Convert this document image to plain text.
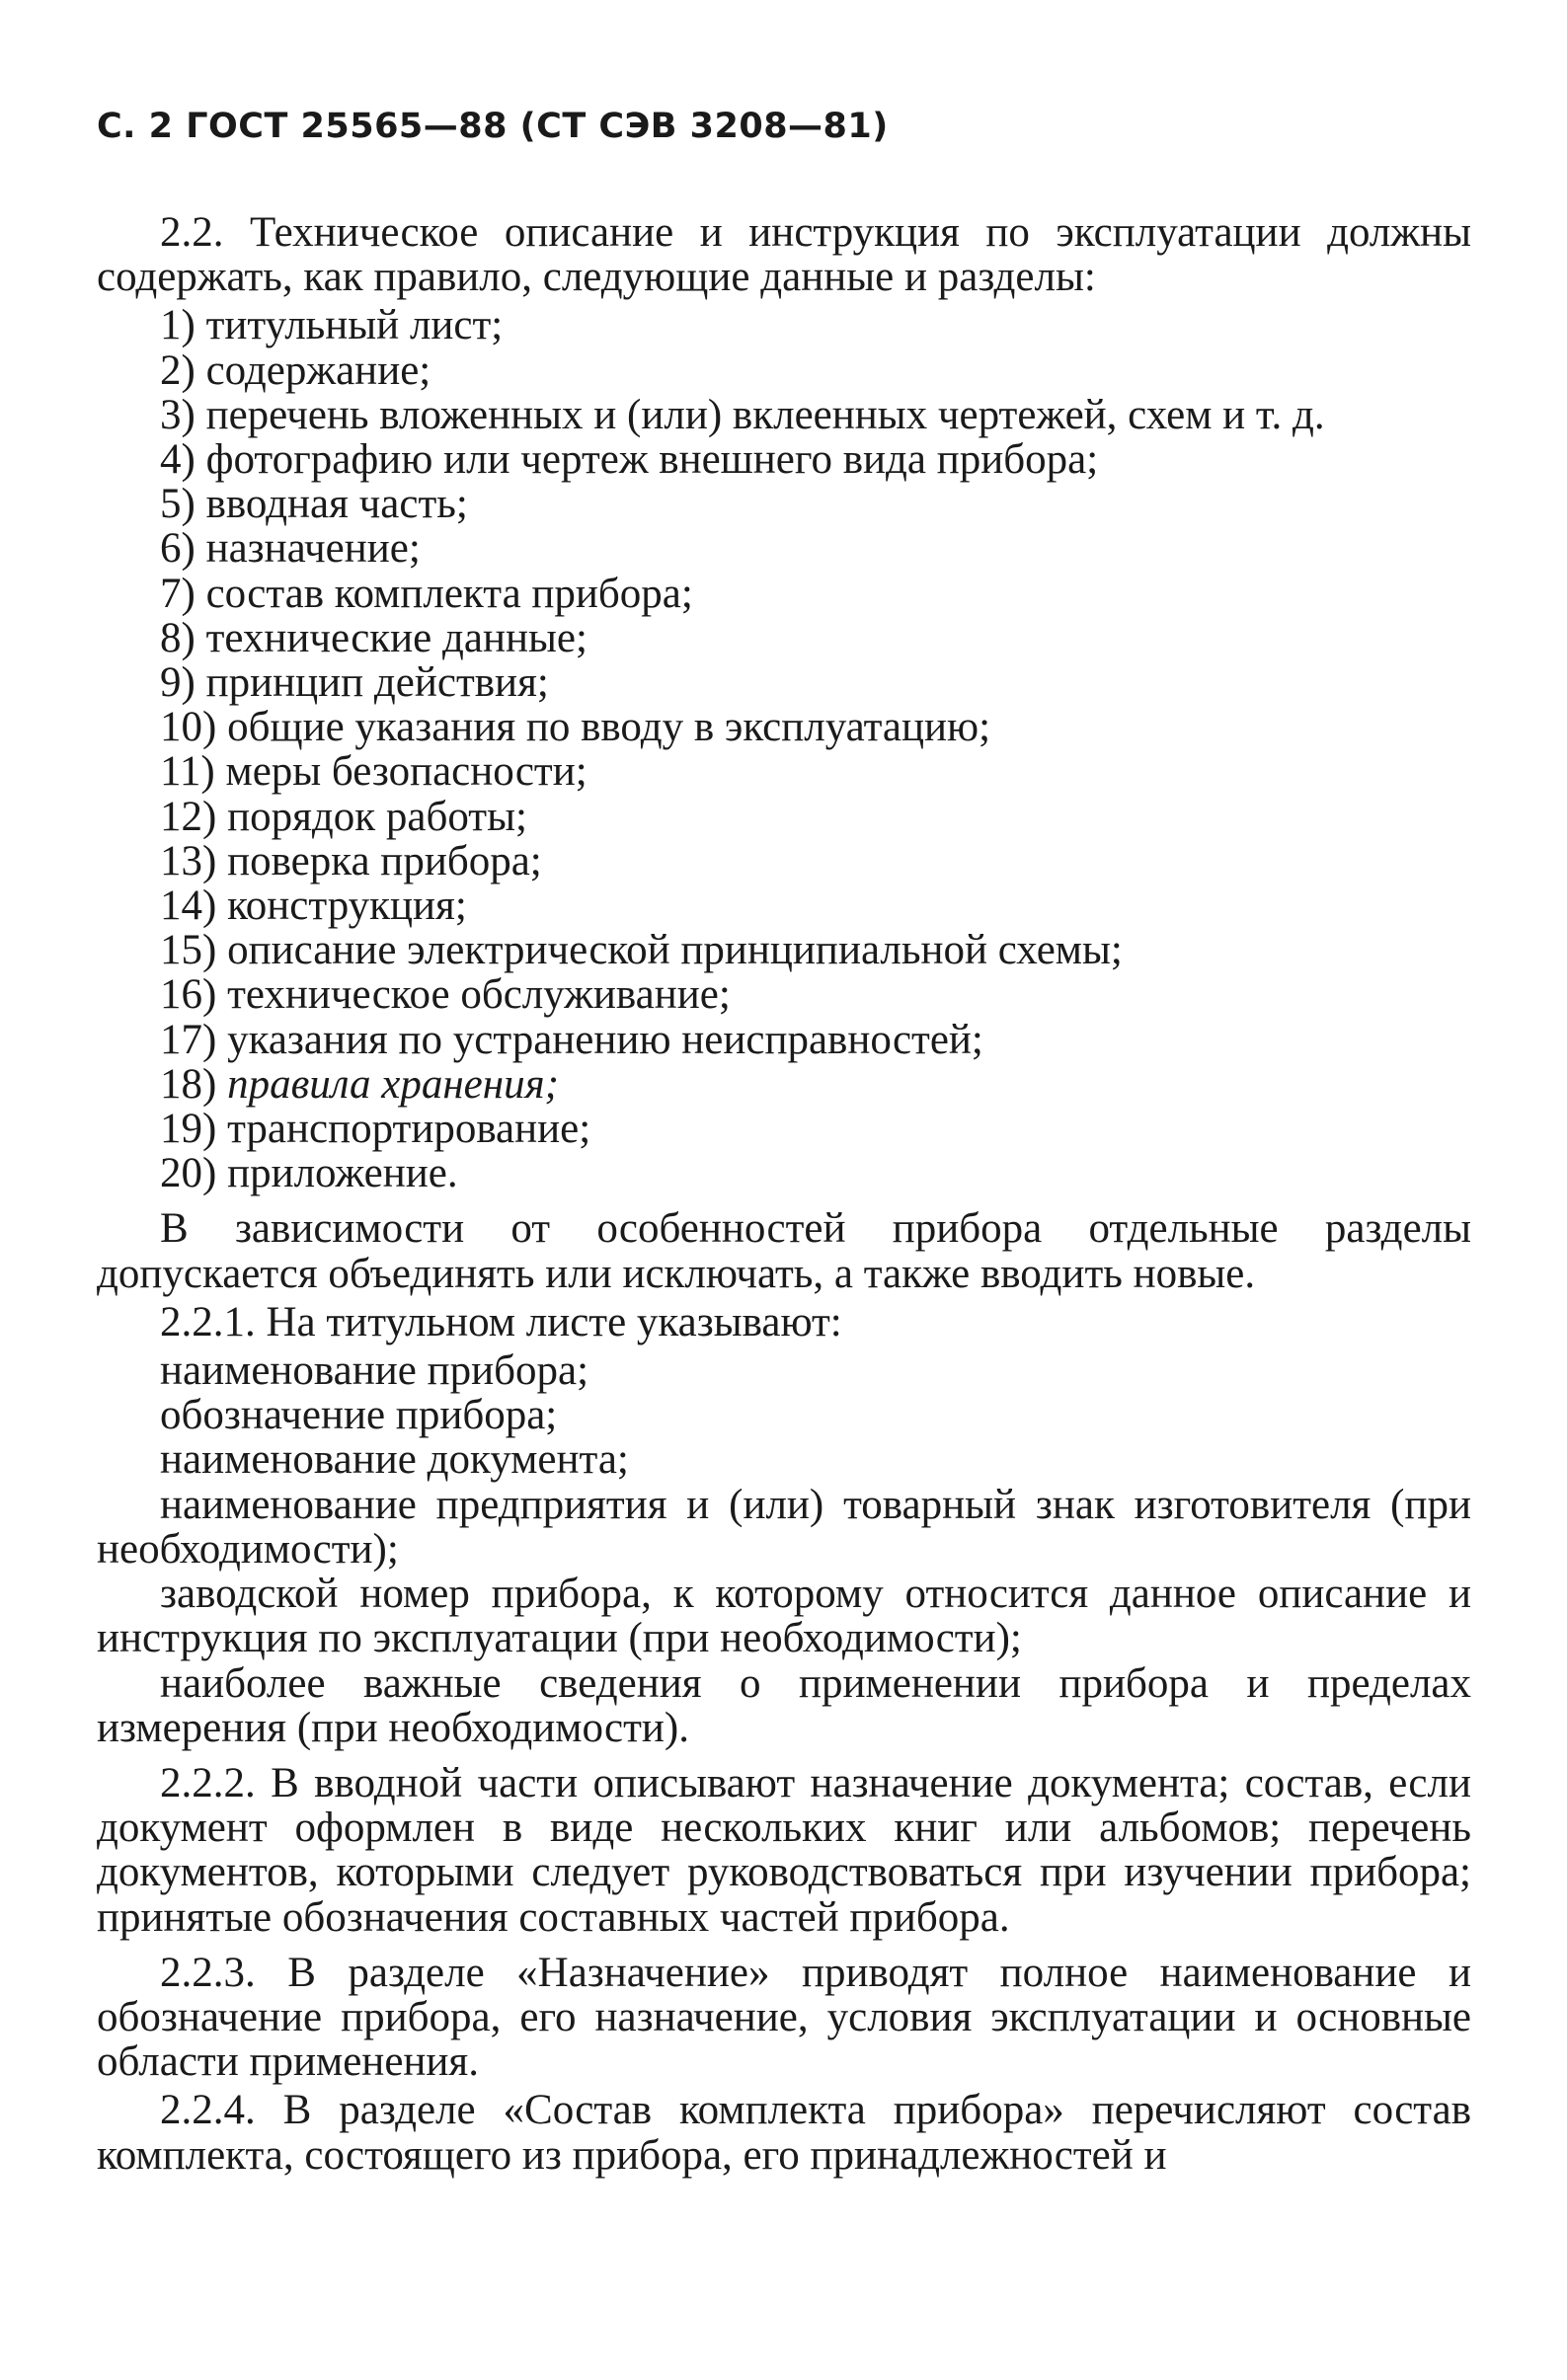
С. 2 ГОСТ 25565—88 (СТ СЭВ 3208—81)

2.2. Техническое описание и инструкция по эксплуатации должны содержать, как правило, следующие данные и разделы:

1) титульный лист;
2) содержание;
3) перечень вложенных и (или) вклеенных чертежей, схем и т. д.
4) фотографию или чертеж внешнего вида прибора;
5) вводная часть;
6) назначение;
7) состав комплекта прибора;
8) технические данные;
9) принцип действия;
10) общие указания по вводу в эксплуатацию;
11) меры безопасности;
12) порядок работы;
13) поверка прибора;
14) конструкция;
15) описание электрической принципиальной схемы;
16) техническое обслуживание;
17) указания по устранению неисправностей;
18) правила хранения;
19) транспортирование;
20) приложение.

В зависимости от особенностей прибора отдельные разделы допускается объединять или исключать, а также вводить новые.

2.2.1. На титульном листе указывают:

наименование прибора;
обозначение прибора;
наименование документа;
наименование предприятия и (или) товарный знак изготовителя (при необходимости);
заводской номер прибора, к которому относится данное описание и инструкция по эксплуатации (при необходимости);
наиболее важные сведения о применении прибора и пределах измерения (при необходимости).

2.2.2. В вводной части описывают назначение документа; состав, если документ оформлен в виде нескольких книг или альбомов; перечень документов, которыми следует руководствоваться при изучении прибора; принятые обозначения составных частей прибора.

2.2.3. В разделе «Назначение» приводят полное наименование и обозначение прибора, его назначение, условия эксплуатации и основные области применения.

2.2.4. В разделе «Состав комплекта прибора» перечисляют состав комплекта, состоящего из прибора, его принадлежностей и
